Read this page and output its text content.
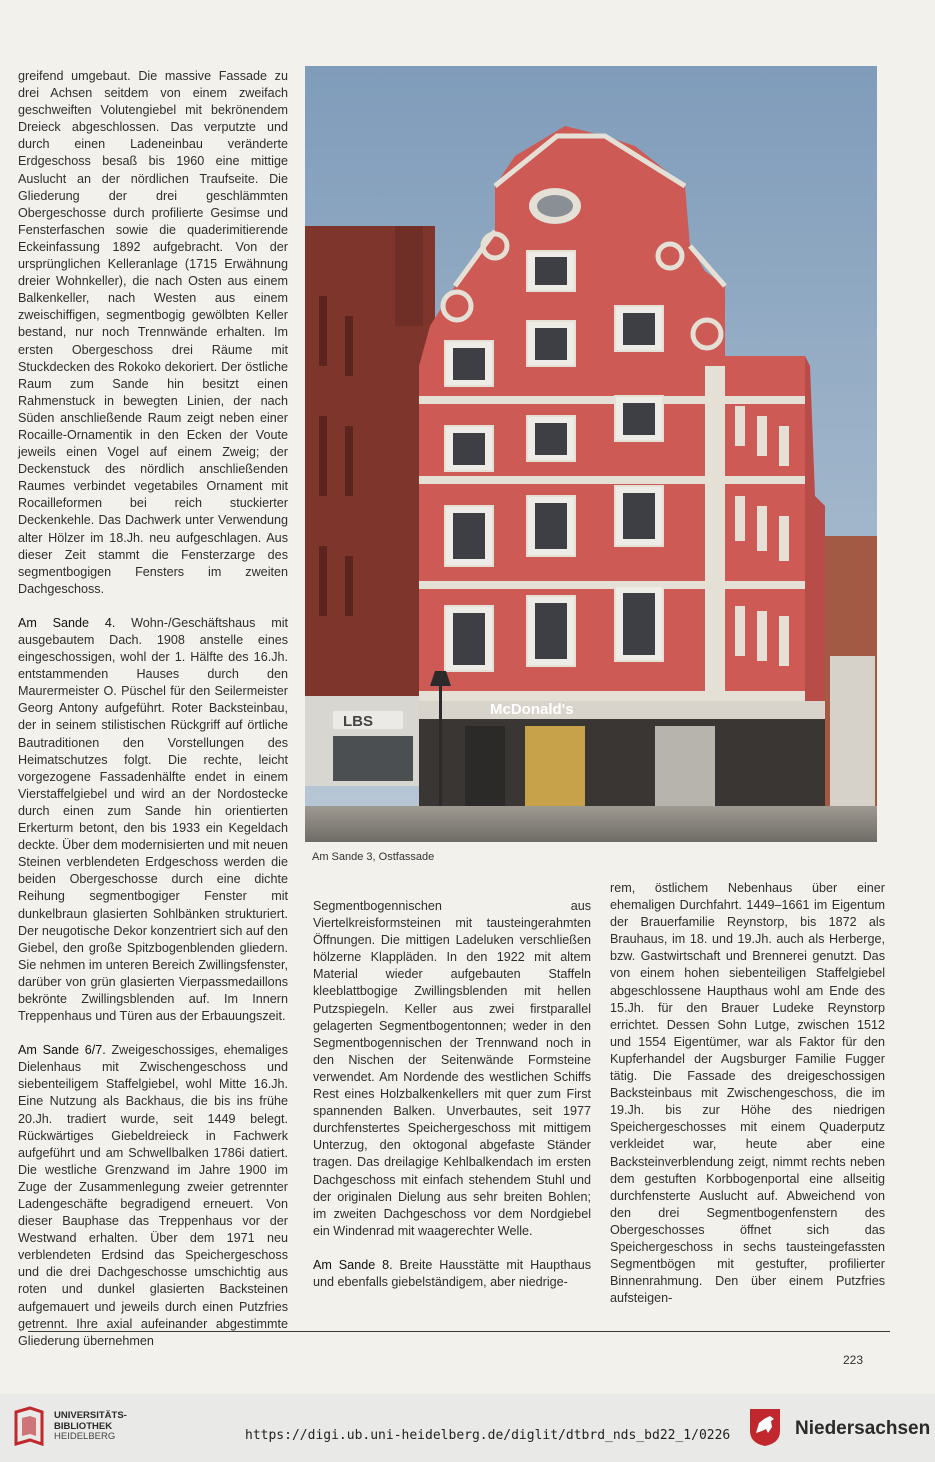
greifend umgebaut. Die massive Fassade zu drei Achsen seitdem von einem zweifach geschweiften Volutengiebel mit bekrönendem Dreieck abgeschlossen. Das verputzte und durch einen Ladeneinbau veränderte Erdgeschoss besaß bis 1960 eine mittige Auslucht an der nördlichen Traufseite. Die Gliederung der drei geschlämmten Obergeschosse durch profilierte Gesimse und Fensterfaschen sowie die quaderimitierende Eckeinfassung 1892 aufgebracht. Von der ursprünglichen Kelleranlage (1715 Erwähnung dreier Wohnkeller), die nach Osten aus einem Balkenkeller, nach Westen aus einem zweischiffigen, segmentbogig gewölbten Keller bestand, nur noch Trennwände erhalten. Im ersten Obergeschoss drei Räume mit Stuckdecken des Rokoko dekoriert. Der östliche Raum zum Sande hin besitzt einen Rahmenstuck in bewegten Linien, der nach Süden anschließende Raum zeigt neben einer Rocaille-Ornamentik in den Ecken der Voute jeweils einen Vogel auf einem Zweig; der Deckenstuck des nördlich anschließenden Raumes verbindet vegetabiles Ornament mit Rocailleformen bei reich stuckierter Deckenkehle. Das Dachwerk unter Verwendung alter Hölzer im 18.Jh. neu aufgeschlagen. Aus dieser Zeit stammt die Fensterzarge des segmentbogigen Fensters im zweiten Dachgeschoss.

Am Sande 4. Wohn-/Geschäftshaus mit ausgebautem Dach. 1908 anstelle eines eingeschossigen, wohl der 1. Hälfte des 16.Jh. entstammenden Hauses durch den Maurermeister O. Püschel für den Seilermeister Georg Antony aufgeführt. Roter Backsteinbau, der in seinem stilistischen Rückgriff auf örtliche Bautraditionen den Vorstellungen des Heimatschutzes folgt. Die rechte, leicht vorgezogene Fassadenhälfte endet in einem Vierstaffelgiebel und wird an der Nordostecke durch einen zum Sande hin orientierten Erkerturm betont, den bis 1933 ein Kegeldach deckte. Über dem modernisierten und mit neuen Steinen verblendeten Erdgeschoss werden die beiden Obergeschosse durch eine dichte Reihung segmentbogiger Fenster mit dunkelbraun glasierten Sohlbänken strukturiert. Der neugotische Dekor konzentriert sich auf den Giebel, den große Spitzbogenblenden gliedern. Sie nehmen im unteren Bereich Zwillingsfenster, darüber von grün glasierten Vierpassmedaillons bekrönte Zwillingsblenden auf. Im Innern Treppenhaus und Türen aus der Erbauungszeit.

Am Sande 6/7. Zweigeschossiges, ehemaliges Dielenhaus mit Zwischengeschoss und siebenteiligem Staffelgiebel, wohl Mitte 16.Jh. Eine Nutzung als Backhaus, die bis ins frühe 20.Jh. tradiert wurde, seit 1449 belegt. Rückwärtiges Giebeldreieck in Fachwerk aufgeführt und am Schwellbalken 1786i datiert. Die westliche Grenzwand im Jahre 1900 im Zuge der Zusammenlegung zweier getrennter Ladengeschäfte begradigend erneuert. Von dieser Bauphase das Treppenhaus vor der Westwand erhalten. Über dem 1971 neu verblendeten Erdsind das Speichergeschoss und die drei Dachgeschosse umschichtig aus roten und dunkel glasierten Backsteinen aufgemauert und jeweils durch einen Putzfries getrennt. Ihre axial aufeinander abgestimmte Gliederung übernehmen

LBS
McDonald's
Am Sande 3, Ostfassade

Segmentbogennischen aus Viertelkreisformsteinen mit tausteingerahmten Öffnungen. Die mittigen Ladeluken verschließen hölzerne Klappläden. In den 1922 mit altem Material wieder aufgebauten Staffeln kleeblattbogige Zwillingsblenden mit hellen Putzspiegeln. Keller aus zwei firstparallel gelagerten Segmentbogentonnen; weder in den Segmentbogennischen der Trennwand noch in den Nischen der Seitenwände Formsteine verwendet. Am Nordende des westlichen Schiffs Rest eines Holzbalkenkellers mit quer zum First spannenden Balken. Unverbautes, seit 1977 durchfenstertes Speichergeschoss mit mittigem Unterzug, den oktogonal abgefaste Ständer tragen. Das dreilagige Kehlbalkendach im ersten Dachgeschoss mit einfach stehendem Stuhl und der originalen Dielung aus sehr breiten Bohlen; im zweiten Dachgeschoss vor dem Nordgiebel ein Windenrad mit waagerechter Welle.

Am Sande 8. Breite Hausstätte mit Haupthaus und ebenfalls giebelständigem, aber niedrige-

rem, östlichem Nebenhaus über einer ehemaligen Durchfahrt. 1449–1661 im Eigentum der Brauerfamilie Reynstorp, bis 1872 als Brauhaus, im 18. und 19.Jh. auch als Herberge, bzw. Gastwirtschaft und Brennerei genutzt. Das von einem hohen siebenteiligen Staffelgiebel abgeschlossene Haupthaus wohl am Ende des 15.Jh. für den Brauer Ludeke Reynstorp errichtet. Dessen Sohn Lutge, zwischen 1512 und 1554 Eigentümer, war als Faktor für den Kupferhandel der Augsburger Familie Fugger tätig. Die Fassade des dreigeschossigen Backsteinbaus mit Zwischengeschoss, die im 19.Jh. bis zur Höhe des niedrigen Speichergeschosses mit einem Quaderputz verkleidet war, heute aber eine Backsteinverblendung zeigt, nimmt rechts neben dem gestuften Korbbogenportal eine allseitig durchfensterte Auslucht auf. Abweichend von den drei Segmentbogenfenstern des Obergeschosses öffnet sich das Speichergeschoss in sechs tausteingefassten Segmentbögen mit gestufter, profilierter Binnenrahmung. Den über einem Putzfries aufsteigen-

223
UNIVERSITÄTS-
BIBLIOTHEK
HEIDELBERG	https://digi.ub.uni-heidelberg.de/diglit/dtbrd_nds_bd22_1/0226	Niedersachsen
